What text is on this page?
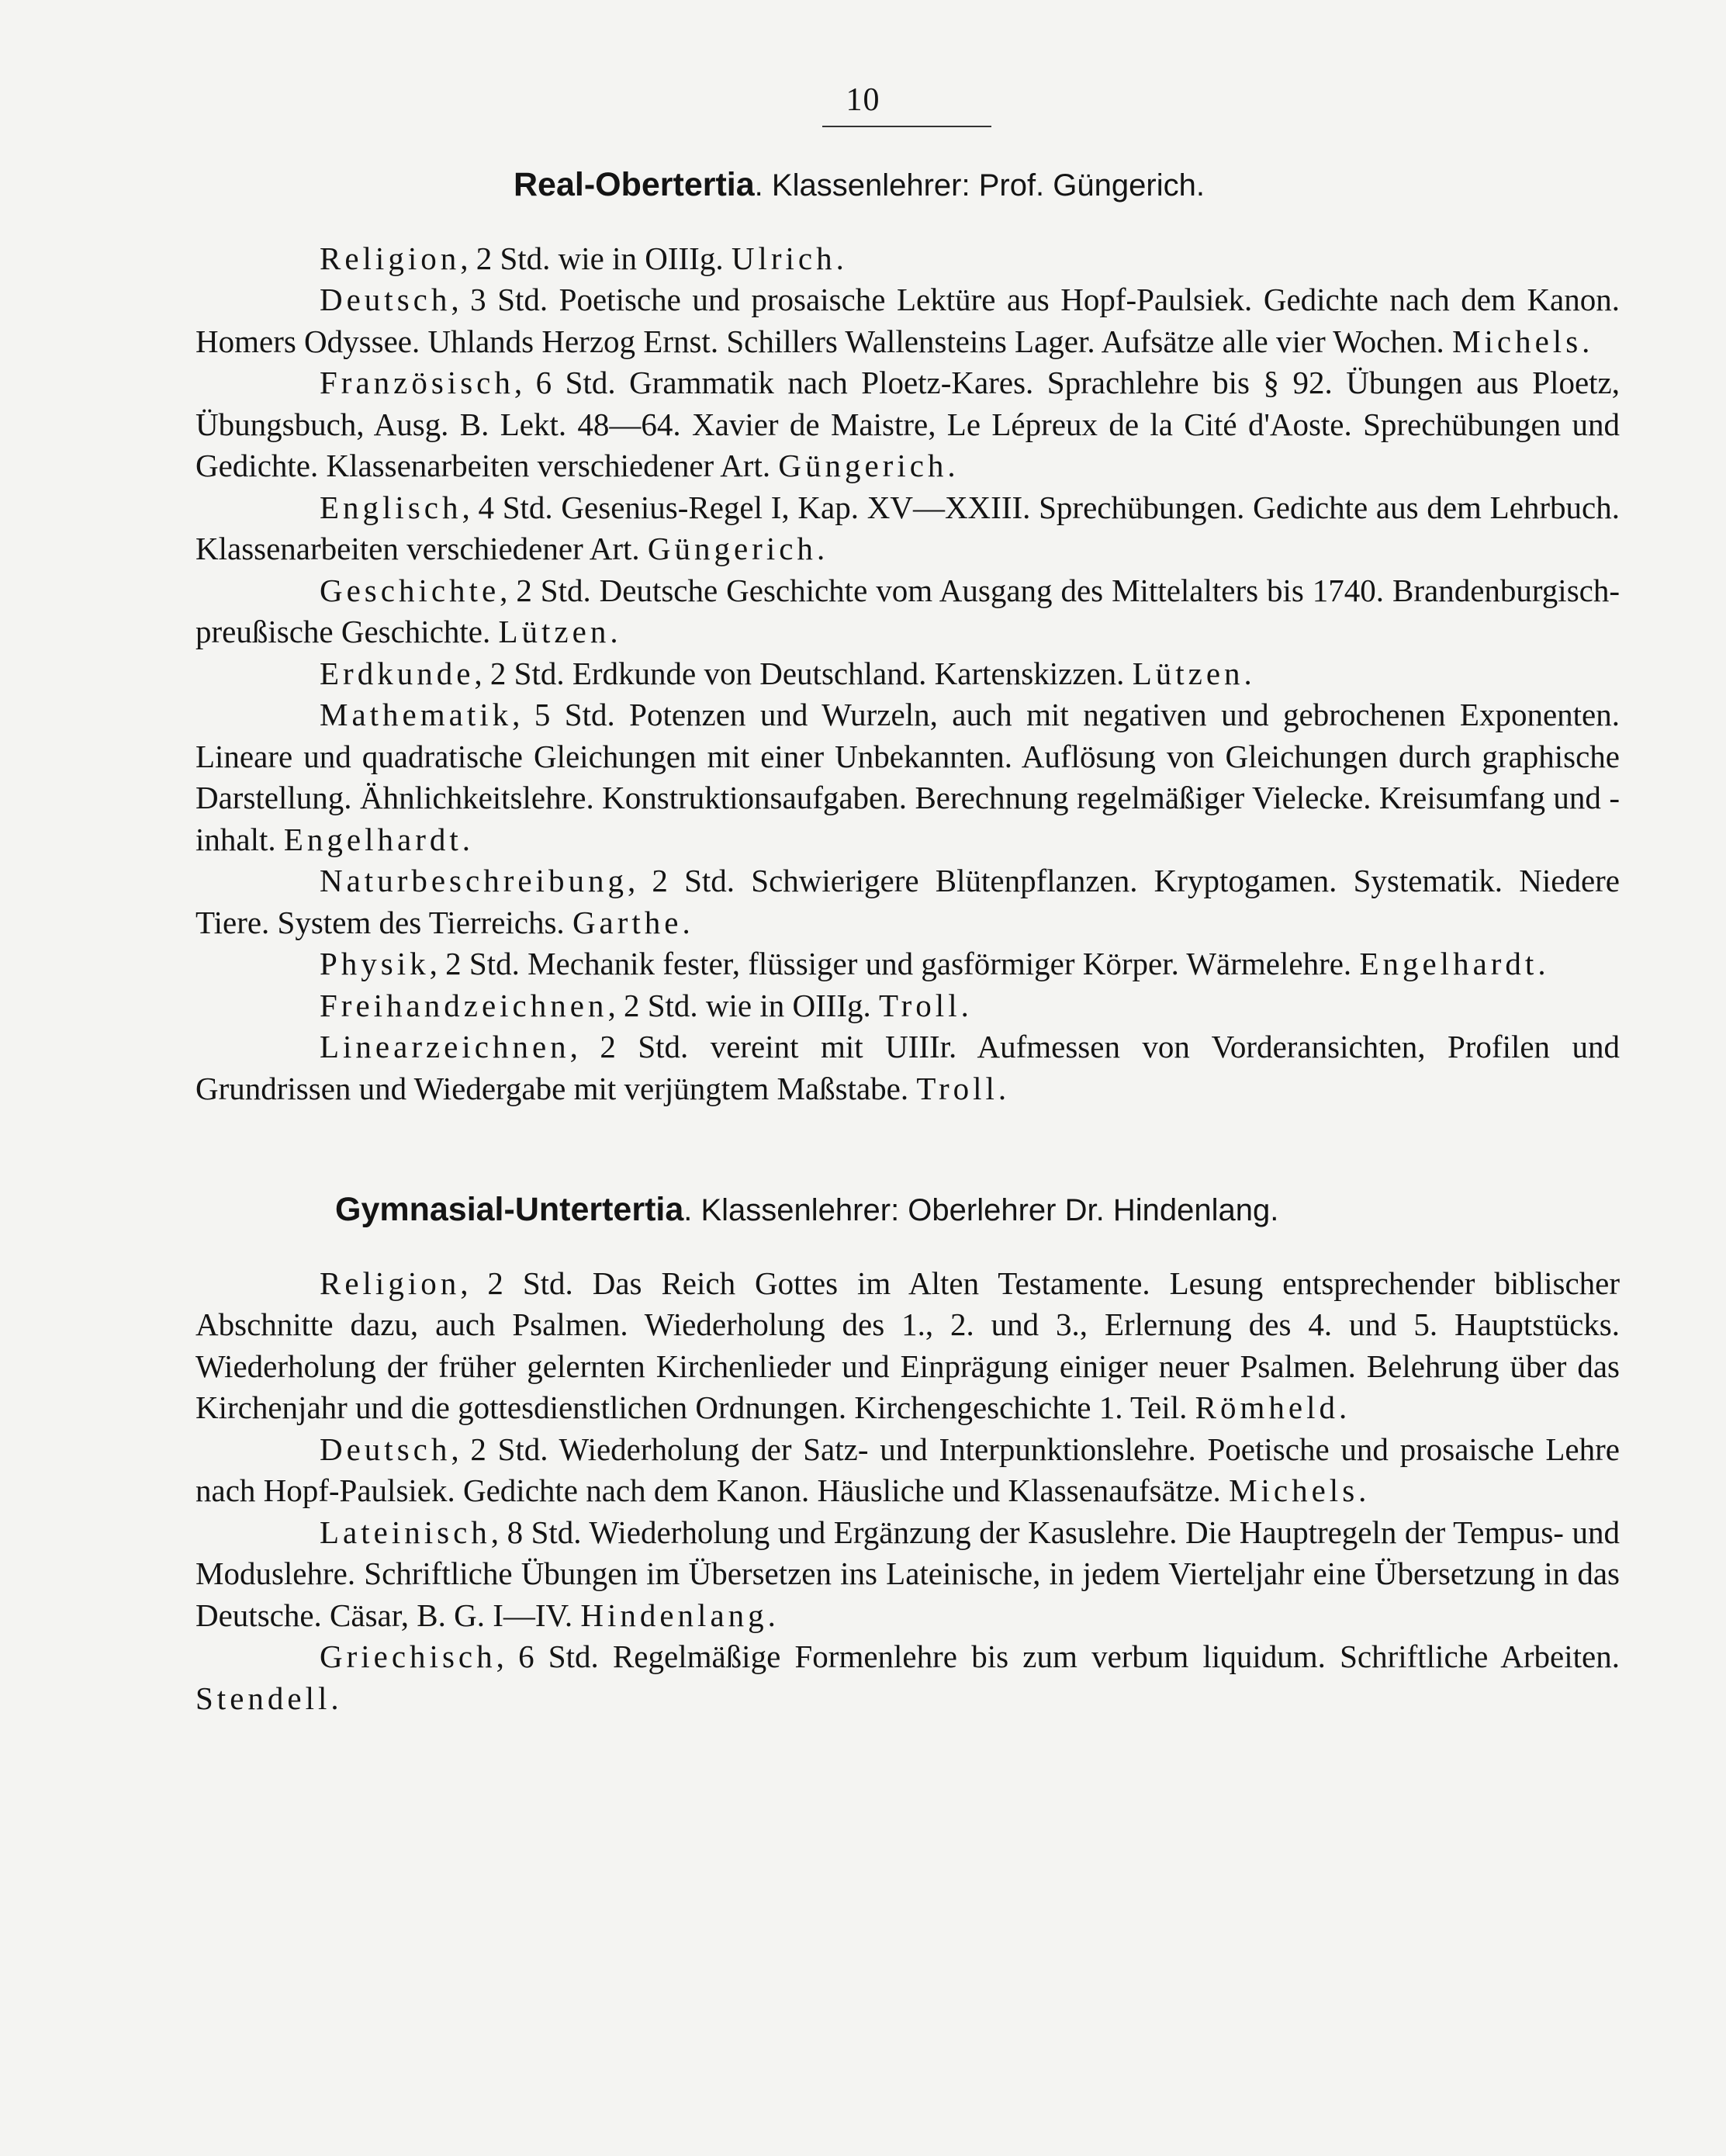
10

Real-Obertertia. Klassenlehrer: Prof. Güngerich.

Religion, 2 Std. wie in OIIIg. Ulrich.

Deutsch, 3 Std. Poetische und prosaische Lektüre aus Hopf-Paulsiek. Gedichte nach dem Kanon. Homers Odyssee. Uhlands Herzog Ernst. Schillers Wallensteins Lager. Aufsätze alle vier Wochen. Michels.

Französisch, 6 Std. Grammatik nach Ploetz-Kares. Sprachlehre bis § 92. Übungen aus Ploetz, Übungsbuch, Ausg. B. Lekt. 48—64. Xavier de Maistre, Le Lépreux de la Cité d'Aoste. Sprechübungen und Gedichte. Klassenarbeiten verschiedener Art. Güngerich.

Englisch, 4 Std. Gesenius-Regel I, Kap. XV—XXIII. Sprechübungen. Gedichte aus dem Lehrbuch. Klassenarbeiten verschiedener Art. Güngerich.

Geschichte, 2 Std. Deutsche Geschichte vom Ausgang des Mittelalters bis 1740. Brandenburgisch-preußische Geschichte. Lützen.

Erdkunde, 2 Std. Erdkunde von Deutschland. Kartenskizzen. Lützen.

Mathematik, 5 Std. Potenzen und Wurzeln, auch mit negativen und gebrochenen Exponenten. Lineare und quadratische Gleichungen mit einer Unbekannten. Auflösung von Gleichungen durch graphische Darstellung. Ähnlichkeitslehre. Konstruktionsaufgaben. Berechnung regelmäßiger Vielecke. Kreisumfang und -inhalt. Engelhardt.

Naturbeschreibung, 2 Std. Schwierigere Blütenpflanzen. Kryptogamen. Systematik. Niedere Tiere. System des Tierreichs. Garthe.

Physik, 2 Std. Mechanik fester, flüssiger und gasförmiger Körper. Wärmelehre. Engelhardt.

Freihandzeichnen, 2 Std. wie in OIIIg. Troll.

Linearzeichnen, 2 Std. vereint mit UIIIr. Aufmessen von Vorderansichten, Profilen und Grundrissen und Wiedergabe mit verjüngtem Maßstabe. Troll.

Gymnasial-Untertertia. Klassenlehrer: Oberlehrer Dr. Hindenlang.

Religion, 2 Std. Das Reich Gottes im Alten Testamente. Lesung entsprechender biblischer Abschnitte dazu, auch Psalmen. Wiederholung des 1., 2. und 3., Erlernung des 4. und 5. Hauptstücks. Wiederholung der früher gelernten Kirchenlieder und Einprägung einiger neuer Psalmen. Belehrung über das Kirchenjahr und die gottesdienstlichen Ordnungen. Kirchengeschichte 1. Teil. Römheld.

Deutsch, 2 Std. Wiederholung der Satz- und Interpunktionslehre. Poetische und prosaische Lehre nach Hopf-Paulsiek. Gedichte nach dem Kanon. Häusliche und Klassenaufsätze. Michels.

Lateinisch, 8 Std. Wiederholung und Ergänzung der Kasuslehre. Die Hauptregeln der Tempus- und Moduslehre. Schriftliche Übungen im Übersetzen ins Lateinische, in jedem Vierteljahr eine Übersetzung in das Deutsche. Cäsar, B. G. I—IV. Hindenlang.

Griechisch, 6 Std. Regelmäßige Formenlehre bis zum verbum liquidum. Schriftliche Arbeiten. Stendell.
